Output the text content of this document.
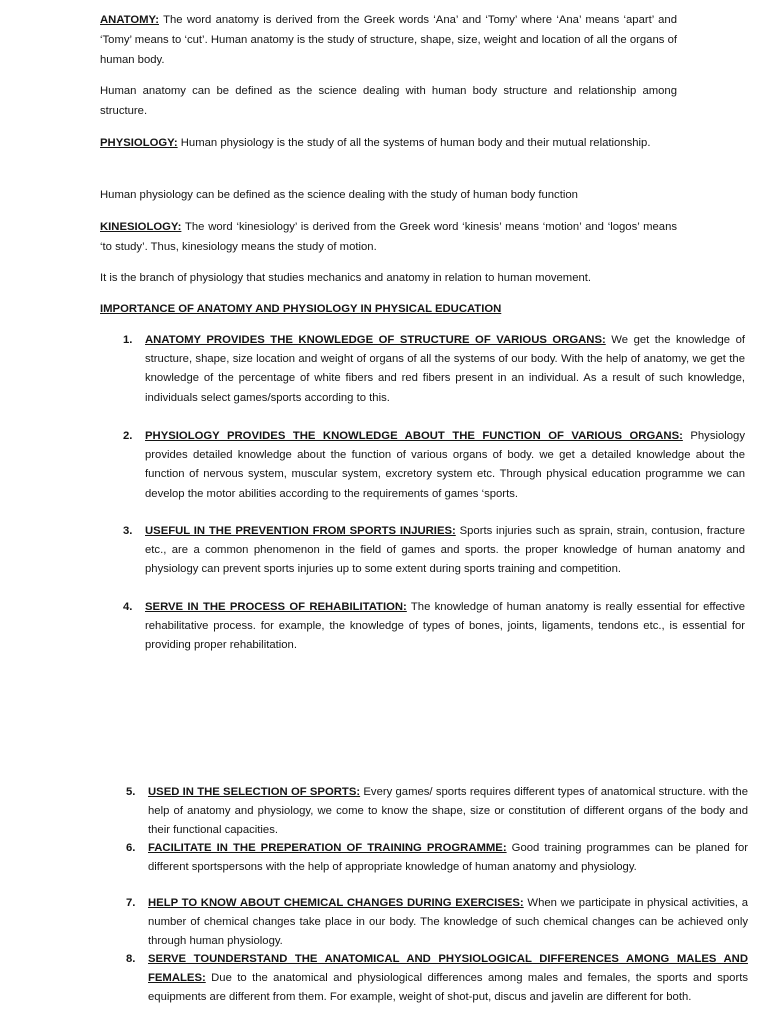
ANATOMY: The word anatomy is derived from the Greek words ‘Ana’ and ‘Tomy’ where ‘Ana’ means ‘apart’ and ‘Tomy’ means to ‘cut’. Human anatomy is the study of structure, shape, size, weight and location of all the organs of human body.

Human anatomy can be defined as the science dealing with human body structure and relationship among structure.

PHYSIOLOGY: Human physiology is the study of all the systems of human body and their mutual relationship.

Human physiology can be defined as the science dealing with the study of human body function

KINESIOLOGY: The word ‘kinesiology’ is derived from the Greek word ‘kinesis’ means ‘motion’ and ‘logos’ means ‘to study’. Thus, kinesiology means the study of motion.

It is the branch of physiology that studies mechanics and anatomy in relation to human movement.

IMPORTANCE OF ANATOMY AND PHYSIOLOGY IN PHYSICAL EDUCATION

1.	ANATOMY PROVIDES THE KNOWLEDGE OF STRUCTURE OF VARIOUS ORGANS: We get the knowledge of structure, shape, size location and weight of organs of all the systems of our body. With the help of anatomy, we get the knowledge of the percentage of white fibers and red fibers present in an individual. As a result of such knowledge, individuals select games/sports according to this.

2.	PHYSIOLOGY PROVIDES THE KNOWLEDGE ABOUT THE FUNCTION OF VARIOUS ORGANS: Physiology provides detailed knowledge about the function of various organs of body. we get a detailed knowledge about the function of nervous system, muscular system, excretory system etc. Through physical education programme we can develop the motor abilities according to the requirements of games ‘sports.

3.	USEFUL IN THE PREVENTION FROM SPORTS INJURIES: Sports injuries such as sprain, strain, contusion, fracture etc., are a common phenomenon in the field of games and sports. the proper knowledge of human anatomy and physiology can prevent sports injuries up to some extent during sports training and competition.

4.	SERVE IN THE PROCESS OF REHABILITATION: The knowledge of human anatomy is really essential for effective rehabilitative process. for example, the knowledge of types of bones, joints, ligaments, tendons etc., is essential for providing proper rehabilitation.

5.	USED IN THE SELECTION OF SPORTS: Every games/ sports requires different types of anatomical structure. with the help of anatomy and physiology, we come to know the shape, size or constitution of different organs of the body and their functional capacities.

6.	FACILITATE IN THE PREPERATION OF TRAINING PROGRAMME: Good training programmes can be planed for different sportspersons with the help of appropriate knowledge of human anatomy and physiology.

7.	HELP TO KNOW ABOUT CHEMICAL CHANGES DURING EXERCISES: When we participate in physical activities, a number of chemical changes take place in our body. The knowledge of such chemical changes can be achieved only through human physiology.

8.	SERVE TOUNDERSTAND THE ANATOMICAL AND PHYSIOLOGICAL DIFFERENCES AMONG MALES AND FEMALES: Due to the anatomical and physiological differences among males and females, the sports and sports equipments are different from them. For example, weight of shot-put, discus and javelin are different for both.
